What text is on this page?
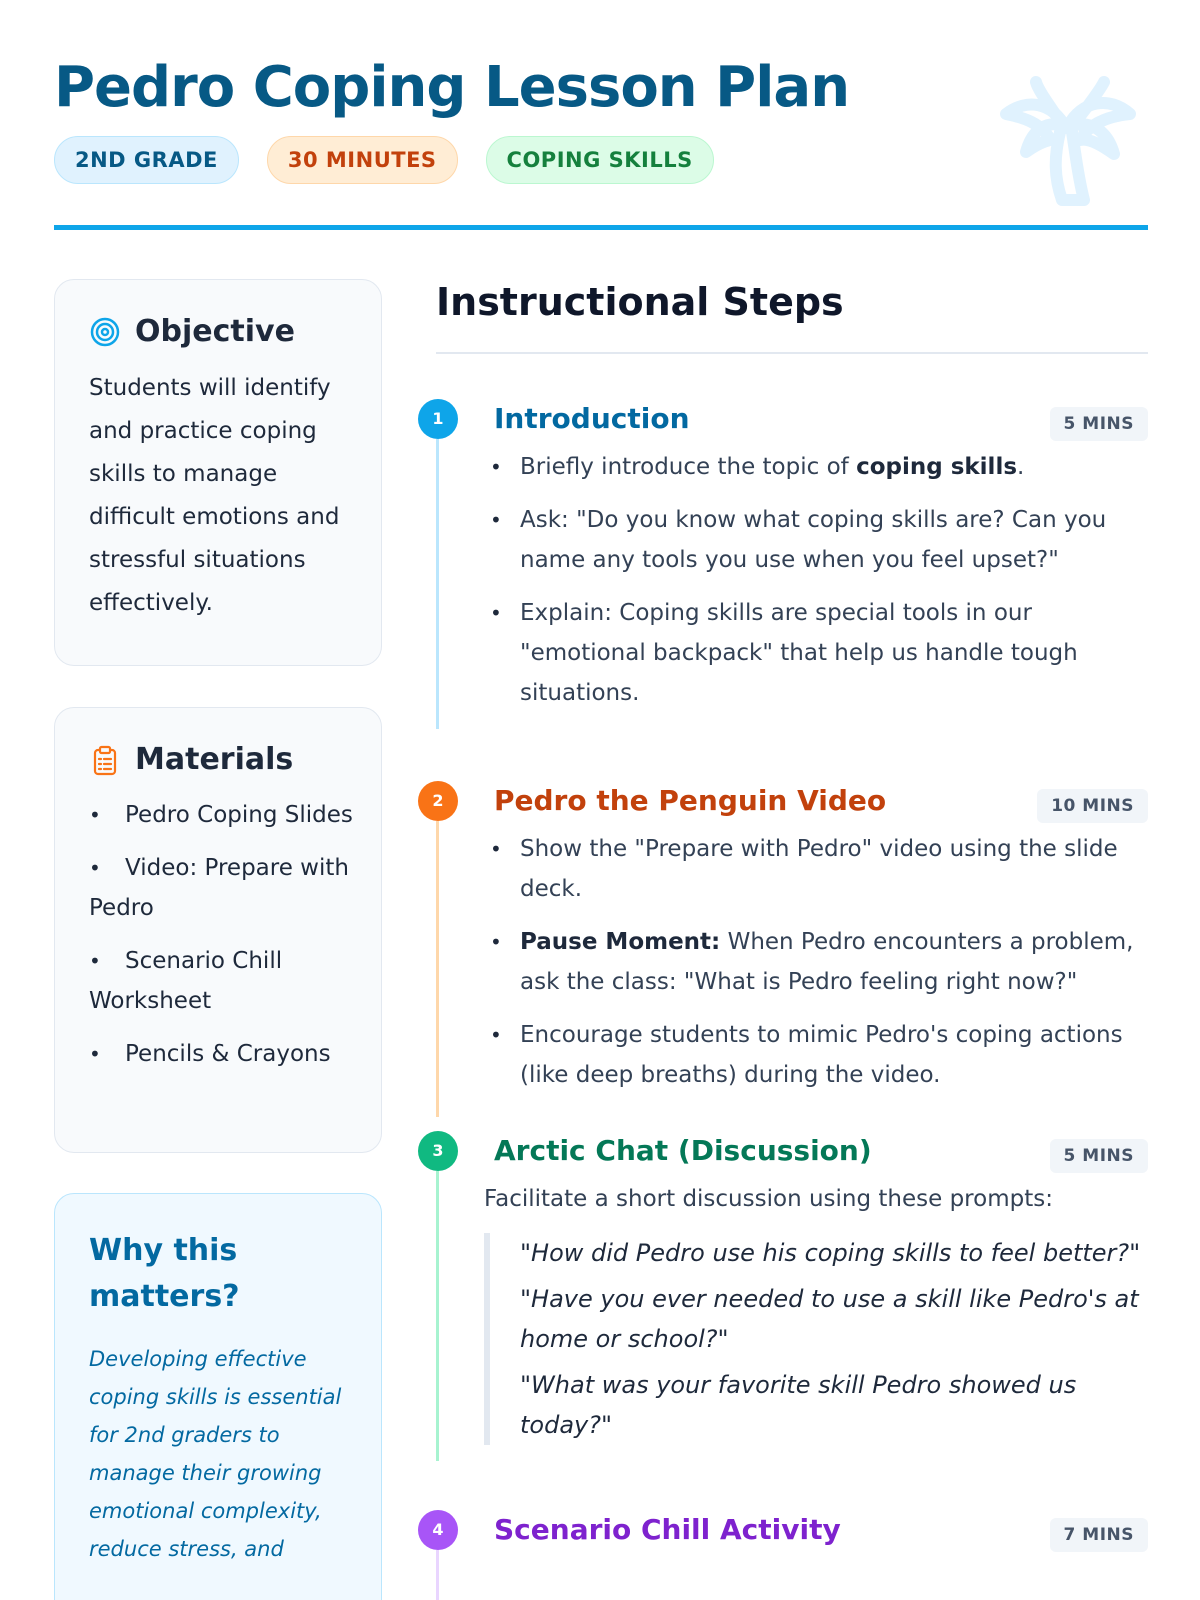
Pedro Coping Lesson Plan
2ND GRADE	30 MINUTES	COPING SKILLS
Objective

Students will identify and practice coping skills to manage difficult emotions and stressful situations effectively.

Materials
• Pedro Coping Slides
• Video: Prepare with Pedro
• Scenario Chill Worksheet
• Pencils & Crayons
Why this matters?

Developing effective coping skills is essential for 2nd graders to manage their growing emotional complexity, reduce stress, and

Instructional Steps
1	Introduction	5 MINS
• Briefly introduce the topic of coping skills.
• Ask: "Do you know what coping skills are? Can you name any tools you use when you feel upset?"
• Explain: Coping skills are special tools in our "emotional backpack" that help us handle tough situations.
2	Pedro the Penguin Video	10 MINS
• Show the "Prepare with Pedro" video using the slide deck.
• Pause Moment: When Pedro encounters a problem, ask the class: "What is Pedro feeling right now?"
• Encourage students to mimic Pedro's coping actions (like deep breaths) during the video.
3	Arctic Chat (Discussion)	5 MINS

Facilitate a short discussion using these prompts:

"How did Pedro use his coping skills to feel better?"
"Have you ever needed to use a skill like Pedro's at home or school?"
"What was your favorite skill Pedro showed us today?"
4	Scenario Chill Activity	7 MINS
